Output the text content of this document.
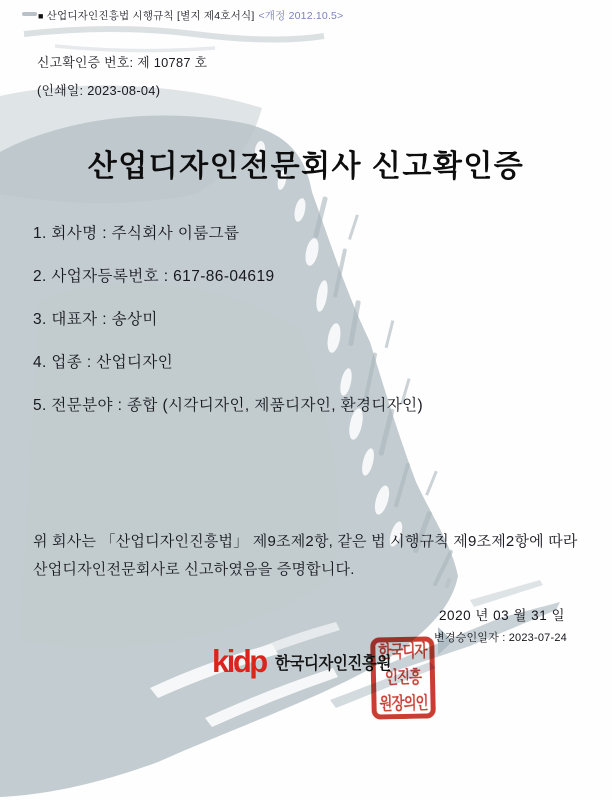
■ 산업디자인진흥법 시행규칙 [별지 제4호서식] <개정 2012.10.5>
신고확인증 번호: 제 10787 호
(인쇄일: 2023-08-04)
산업디자인전문회사 신고확인증
1. 회사명 : 주식회사 이룸그룹
2. 사업자등록번호 : 617-86-04619
3. 대표자 : 송상미
4. 업종 : 산업디자인
5. 전문분야 : 종합 (시각디자인, 제품디자인, 환경디자인)
위 회사는 「산업디자인진흥법」 제9조제2항, 같은 법 시행규칙 제9조제2항에 따라 산업디자인전문회사로 신고하였음을 증명합니다.
2020 년 03 월 31 일
변경승인일자 : 2023-07-24
kidp 한국디자인진흥원
한국디자
인진흥
원장의인
